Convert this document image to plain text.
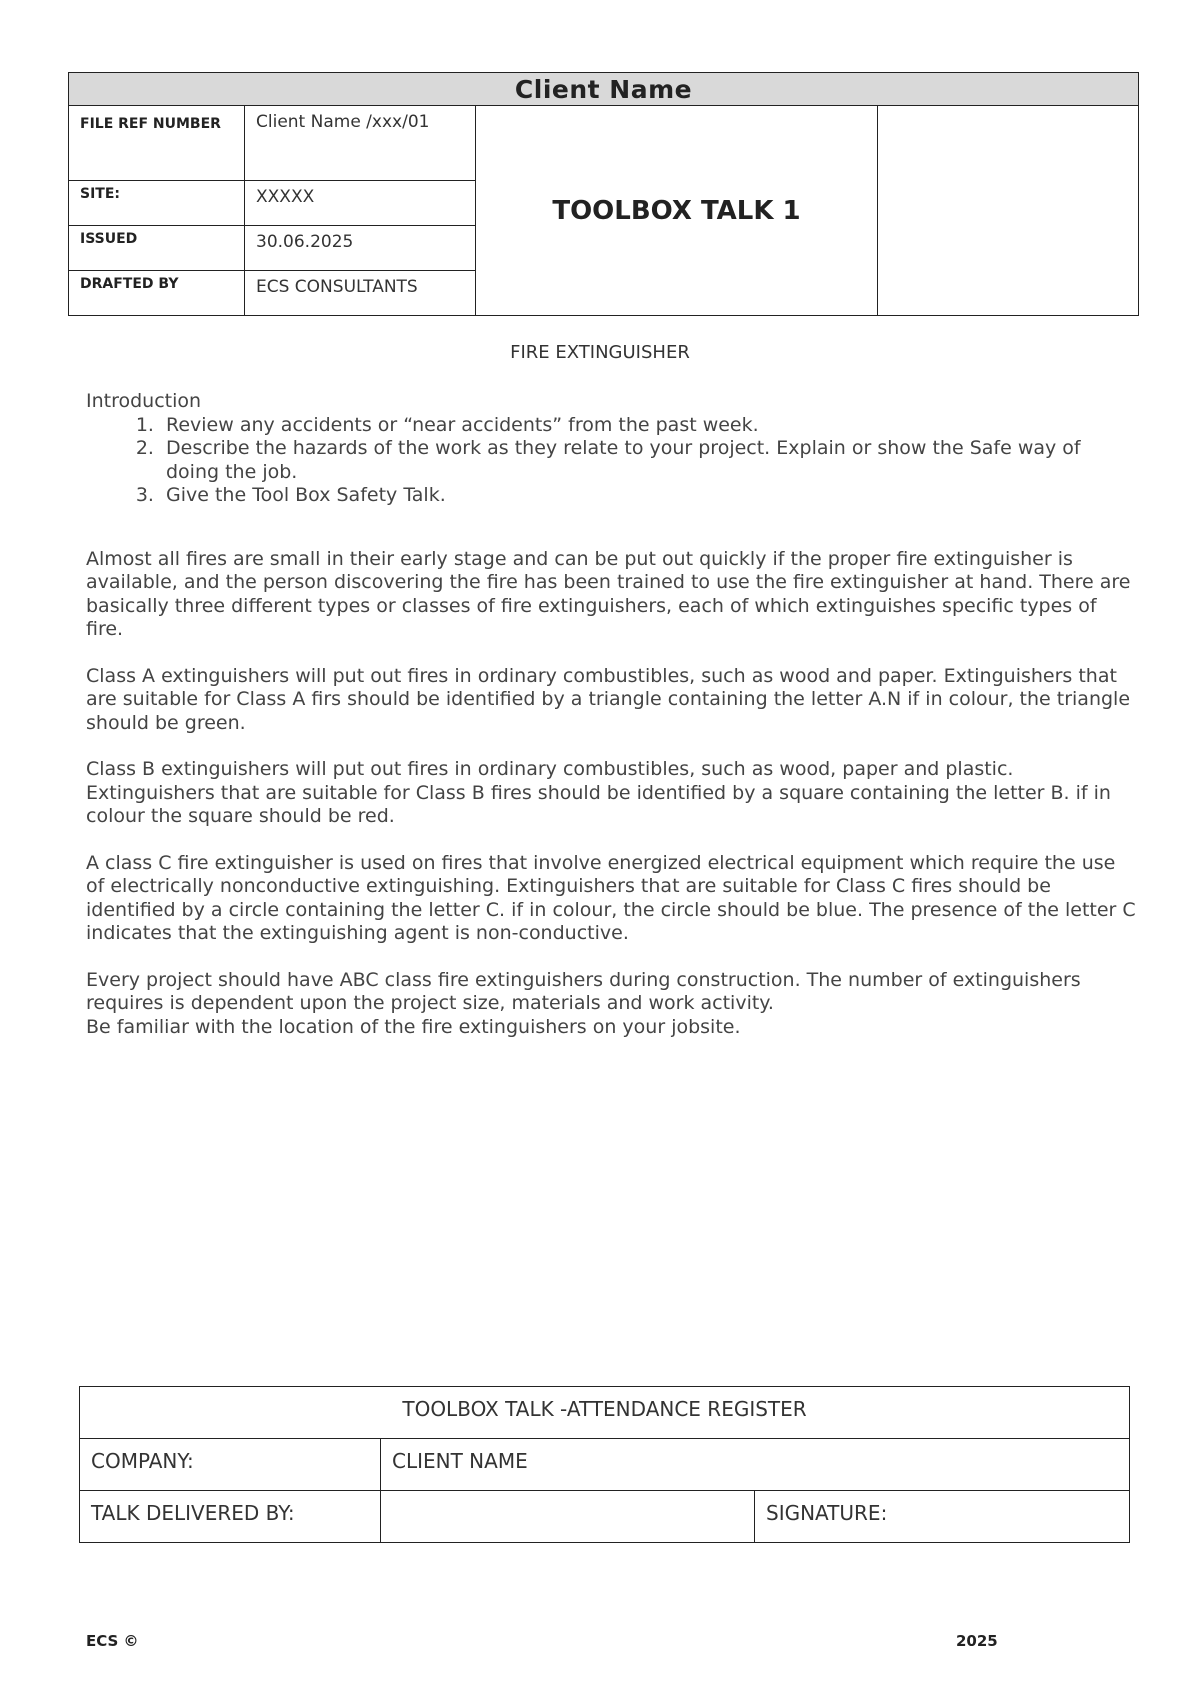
Client Name			
FILE REF NUMBER	Client Name /xxx/01	TOOLBOX TALK 1	
SITE:	XXXXX		
ISSUED	30.06.2025		
DRAFTED BY	ECS CONSULTANTS		
FIRE EXTINGUISHER

Introduction

1. Review any accidents or “near accidents” from the past week.
2. Describe the hazards of the work as they relate to your project. Explain or show the Safe way of doing the job.
3. Give the Tool Box Safety Talk.

Almost all fires are small in their early stage and can be put out quickly if the proper fire extinguisher is available, and the person discovering the fire has been trained to use the fire extinguisher at hand. There are basically three different types or classes of fire extinguishers, each of which extinguishes specific types of fire.

Class A extinguishers will put out fires in ordinary combustibles, such as wood and paper. Extinguishers that are suitable for Class A firs should be identified by a triangle containing the letter A.N if in colour, the triangle should be green.

Class B extinguishers will put out fires in ordinary combustibles, such as wood, paper and plastic. Extinguishers that are suitable for Class B fires should be identified by a square containing the letter B. if in colour the square should be red.

A class C fire extinguisher is used on fires that involve energized electrical equipment which require the use of electrically nonconductive extinguishing. Extinguishers that are suitable for Class C fires should be identified by a circle containing the letter C. if in colour, the circle should be blue. The presence of the letter C indicates that the extinguishing agent is non-conductive.

Every project should have ABC class fire extinguishers during construction. The number of extinguishers requires is dependent upon the project size, materials and work activity.

Be familiar with the location of the fire extinguishers on your jobsite.

TOOLBOX TALK -ATTENDANCE REGISTER		
COMPANY:	CLIENT NAME	
TALK DELIVERED BY:		SIGNATURE:
ECS ©	2025
